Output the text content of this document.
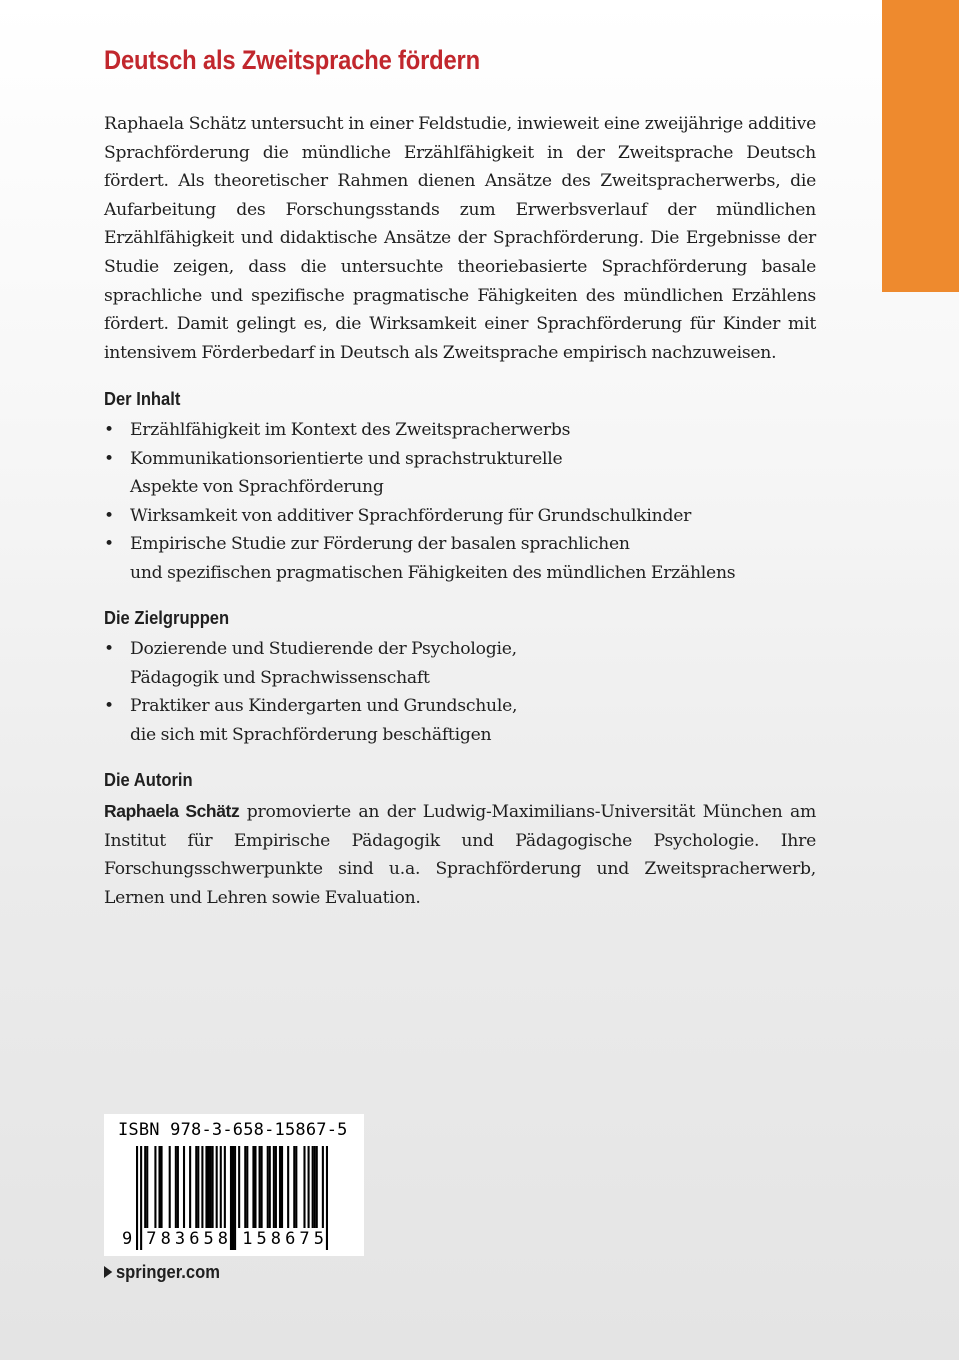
Deutsch als Zweitsprache fördern

Raphaela Schätz untersucht in einer Feldstudie, inwieweit eine zweijährige additive Sprachförderung die mündliche Erzählfähigkeit in der Zweitsprache Deutsch fördert. Als theoretischer Rahmen dienen Ansätze des Zweitspracherwerbs, die Aufarbeitung des Forschungsstands zum Erwerbsverlauf der mündlichen Erzählfähigkeit und didaktische Ansätze der Sprachförderung. Die Ergebnisse der Studie zeigen, dass die untersuchte theoriebasierte Sprachförderung basale sprachliche und spezifische pragmatische Fähigkeiten des mündlichen Erzählens fördert. Damit gelingt es, die Wirksamkeit einer Sprachförderung für Kinder mit intensivem Förderbedarf in Deutsch als Zweitsprache empirisch nachzuweisen.

Der Inhalt
• Erzählfähigkeit im Kontext des Zweitspracherwerbs
• Kommunikationsorientierte und sprachstrukturelle
Aspekte von Sprachförderung
• Wirksamkeit von additiver Sprachförderung für Grundschulkinder
• Empirische Studie zur Förderung der basalen sprachlichen
und spezifischen pragmatischen Fähigkeiten des mündlichen Erzählens
Die Zielgruppen
• Dozierende und Studierende der Psychologie,
Pädagogik und Sprachwissenschaft
• Praktiker aus Kindergarten und Grundschule,
die sich mit Sprachförderung beschäftigen
Die Autorin

Raphaela Schätz promovierte an der Ludwig-Maximilians-Universität München am Institut für Empirische Pädagogik und Pädagogische Psychologie. Ihre Forschungsschwerpunkte sind u.a. Sprachförderung und Zweitspracherwerb, Lernen und Lehren sowie Evaluation.

ISBN 978-3-658-15867-5
9 7 8 3 6 5 8 1 5 8 6 7 5
springer.com
